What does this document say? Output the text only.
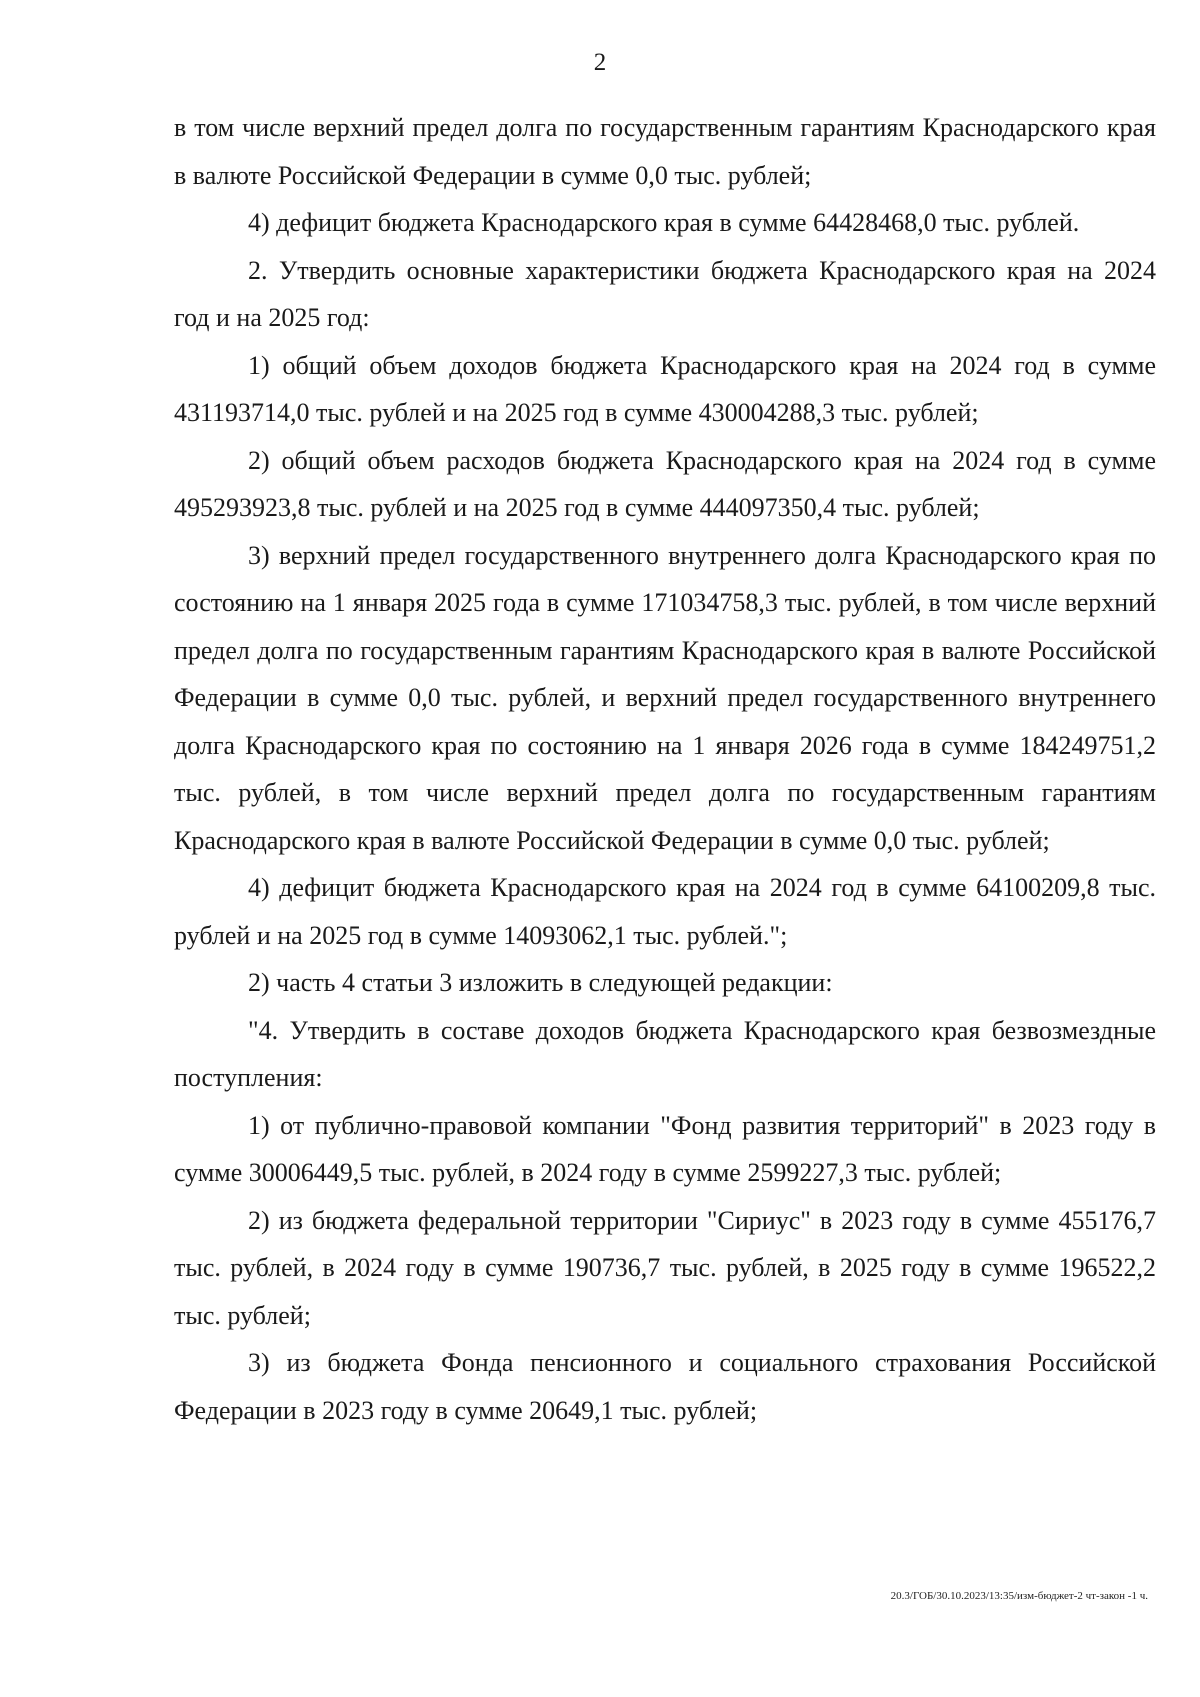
2

в том числе верхний предел долга по государственным гарантиям Краснодарского края в валюте Российской Федерации в сумме 0,0 тыс. рублей;

4) дефицит бюджета Краснодарского края в сумме 64428468,0 тыс. рублей.

2. Утвердить основные характеристики бюджета Краснодарского края на 2024 год и на 2025 год:

1) общий объем доходов бюджета Краснодарского края на 2024 год в сумме 431193714,0 тыс. рублей и на 2025 год в сумме 430004288,3 тыс. рублей;

2) общий объем расходов бюджета Краснодарского края на 2024 год в сумме 495293923,8 тыс. рублей и на 2025 год в сумме 444097350,4 тыс. рублей;

3) верхний предел государственного внутреннего долга Краснодарского края по состоянию на 1 января 2025 года в сумме 171034758,3 тыс. рублей, в том числе верхний предел долга по государственным гарантиям Краснодарского края в валюте Российской Федерации в сумме 0,0 тыс. рублей, и верхний предел государственного внутреннего долга Краснодарского края по состоянию на 1 января 2026 года в сумме 184249751,2 тыс. рублей, в том числе верхний предел долга по государственным гарантиям Краснодарского края в валюте Российской Федерации в сумме 0,0 тыс. рублей;

4) дефицит бюджета Краснодарского края на 2024 год в сумме 64100209,8 тыс. рублей и на 2025 год в сумме 14093062,1 тыс. рублей.";

2) часть 4 статьи 3 изложить в следующей редакции:

"4. Утвердить в составе доходов бюджета Краснодарского края безвозмездные поступления:

1) от публично-правовой компании "Фонд развития территорий" в 2023 году в сумме 30006449,5 тыс. рублей, в 2024 году в сумме 2599227,3 тыс. рублей;

2) из бюджета федеральной территории "Сириус" в 2023 году в сумме 455176,7 тыс. рублей, в 2024 году в сумме 190736,7 тыс. рублей, в 2025 году в сумме 196522,2 тыс. рублей;

3) из бюджета Фонда пенсионного и социального страхования Российской Федерации в 2023 году в сумме 20649,1 тыс. рублей;

20.3/ГОБ/30.10.2023/13:35/изм-бюджет-2 чт-закон -1 ч.
